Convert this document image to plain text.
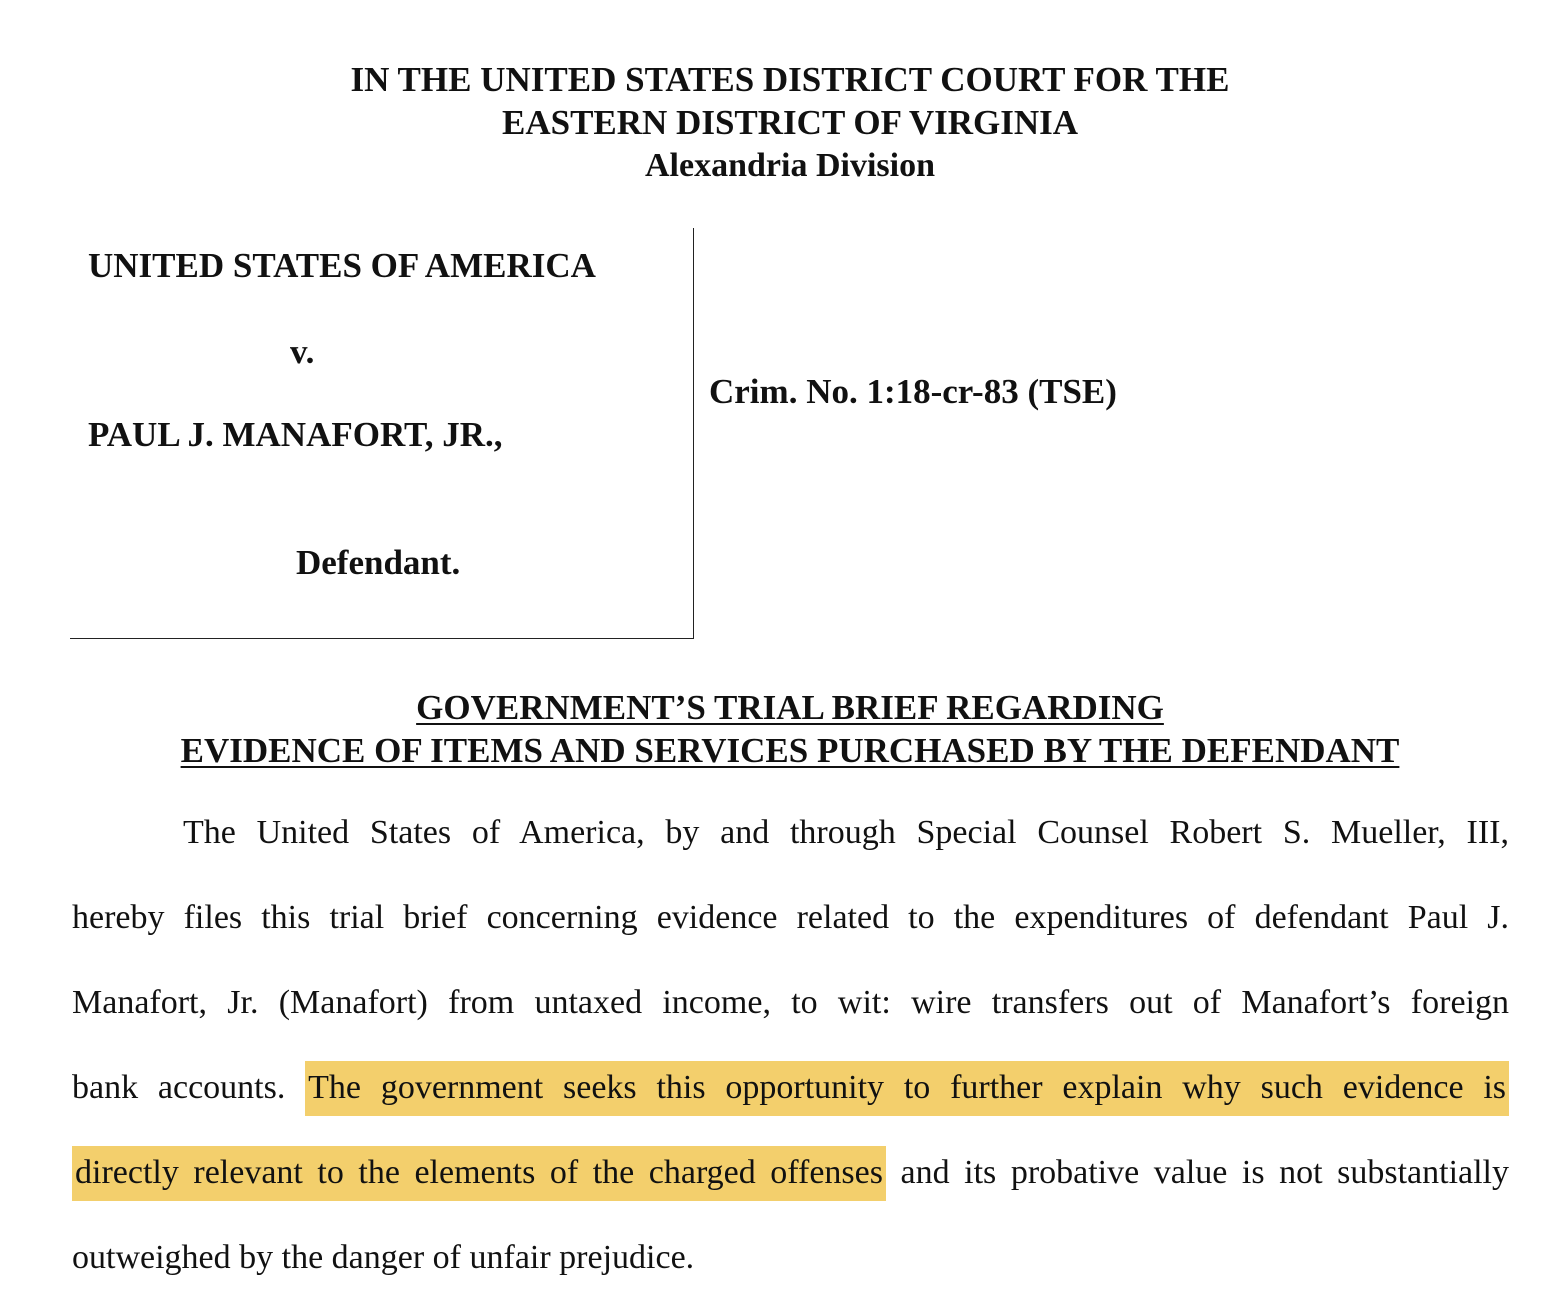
IN THE UNITED STATES DISTRICT COURT FOR THE
EASTERN DISTRICT OF VIRGINIA
Alexandria Division
UNITED STATES OF AMERICA
v.
PAUL J. MANAFORT, JR.,
Defendant.
Crim. No. 1:18-cr-83 (TSE)
GOVERNMENT’S TRIAL BRIEF REGARDING
EVIDENCE OF ITEMS AND SERVICES PURCHASED BY THE DEFENDANT
The United States of America, by and through Special Counsel Robert S. Mueller, III,
hereby files this trial brief concerning evidence related to the expenditures of defendant Paul J.
Manafort, Jr. (Manafort) from untaxed income, to wit: wire transfers out of Manafort’s foreign
bank accounts. The government seeks this opportunity to further explain why such evidence is
directly relevant to the elements of the charged offenses and its probative value is not substantially
outweighed by the danger of unfair prejudice.
